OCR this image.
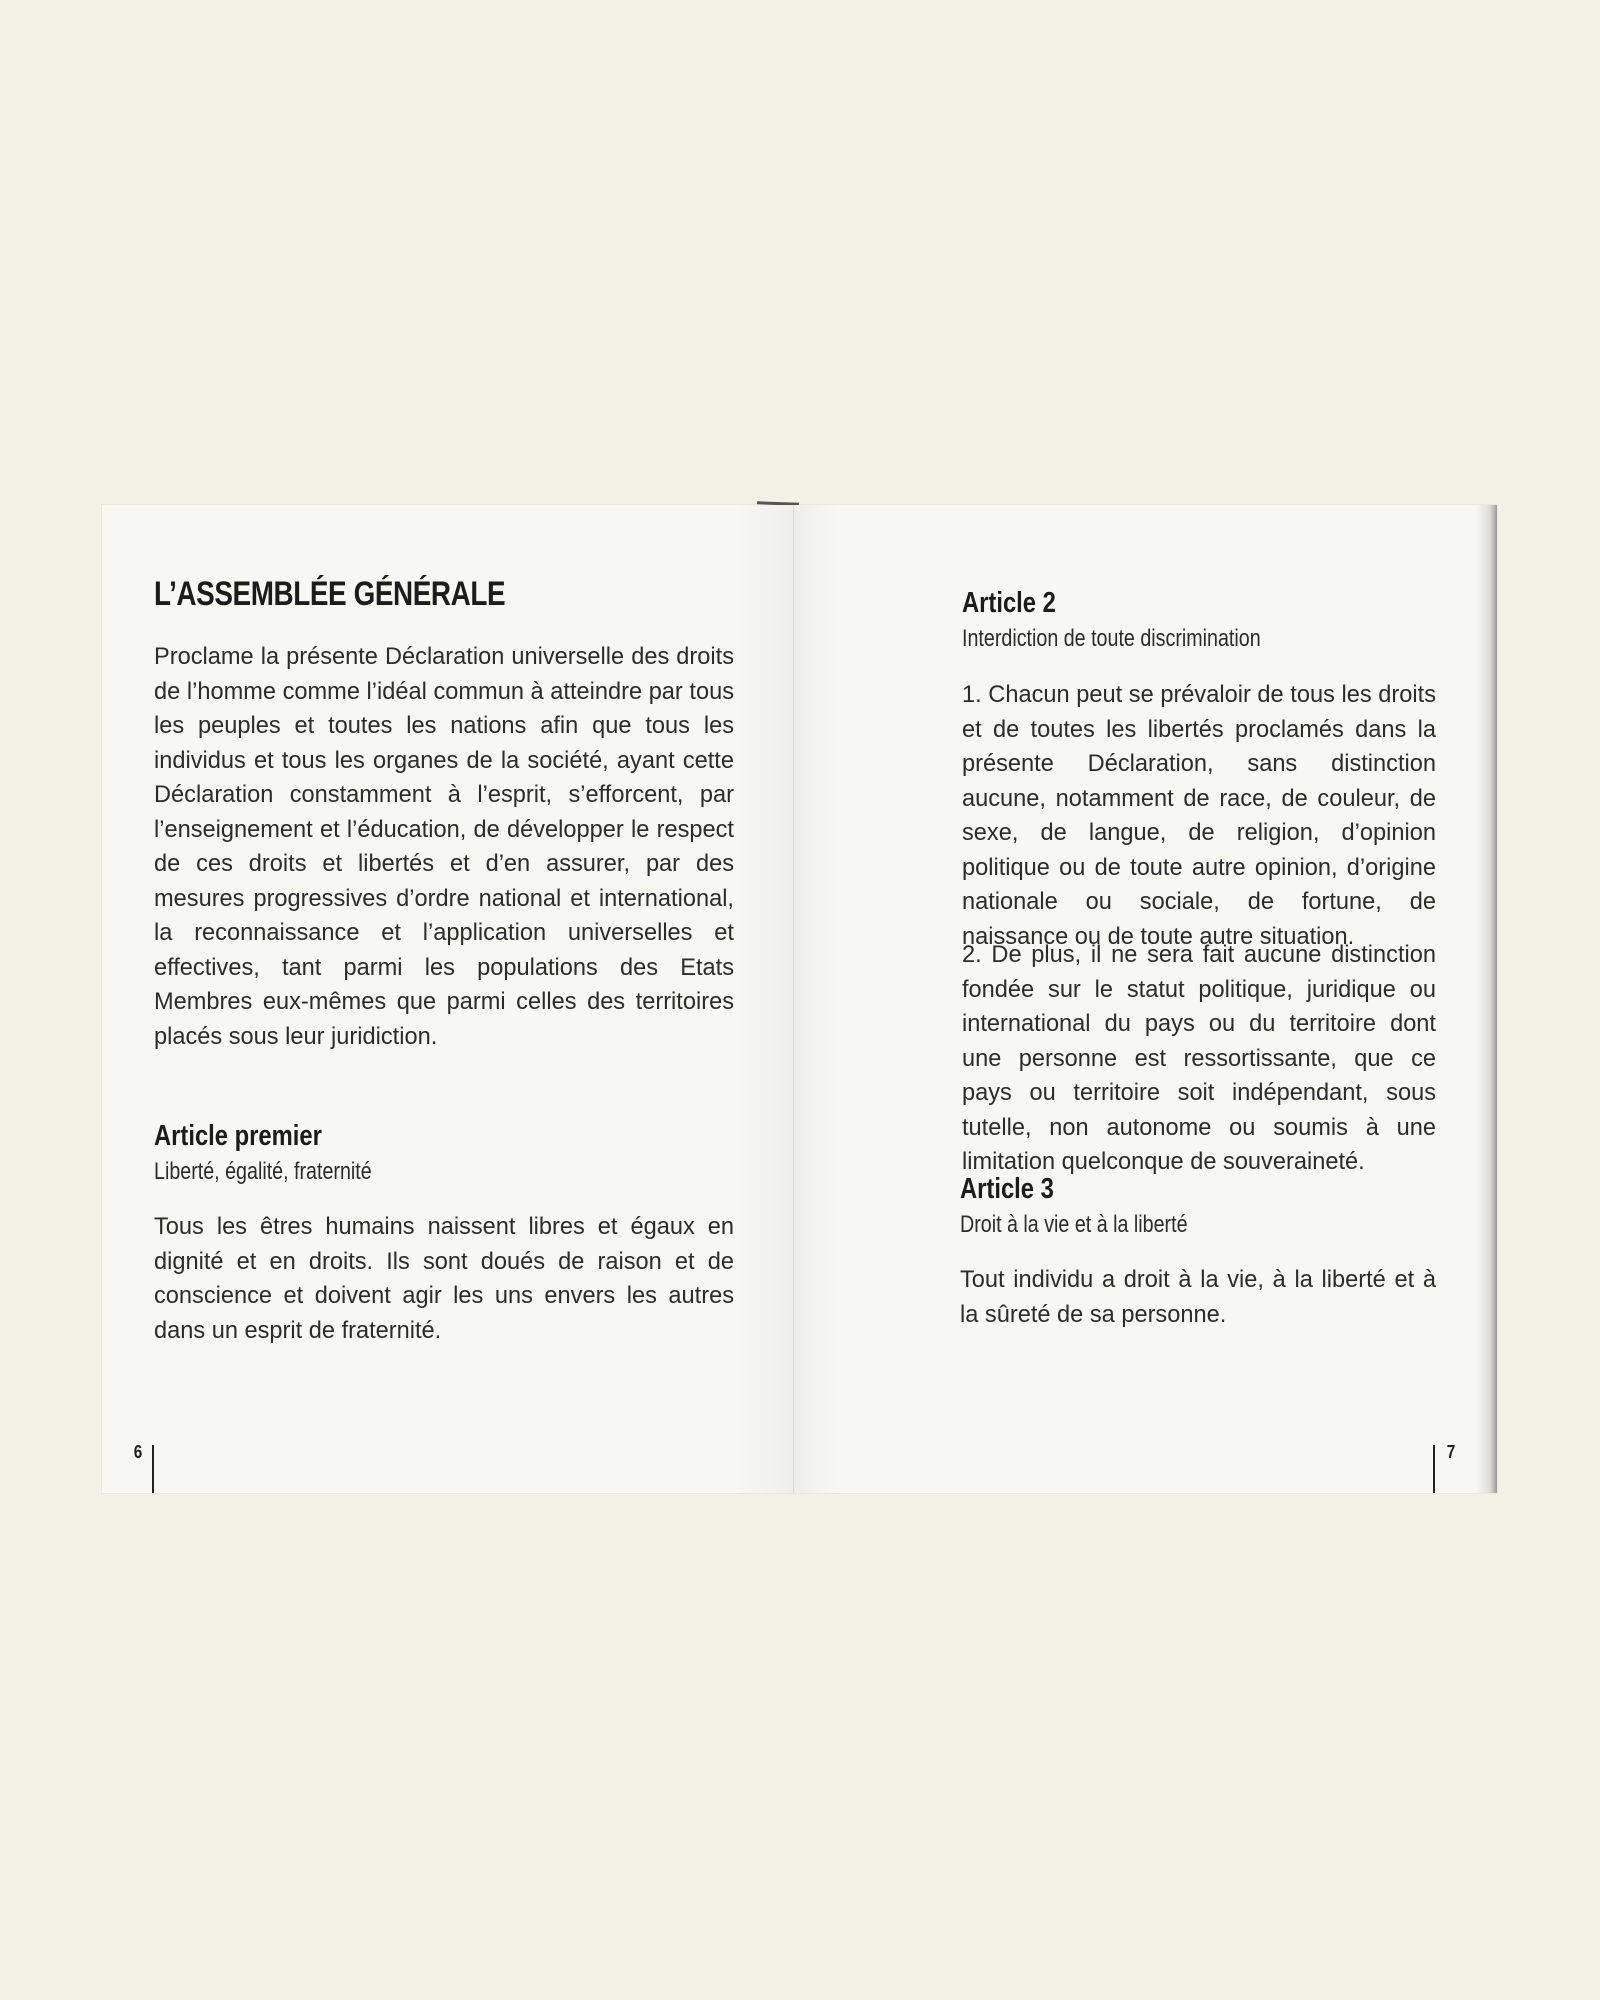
L’ASSEMBLÉE GÉNÉRALE

Proclame la présente Déclaration universelle des droits de l’homme comme l’idéal commun à atteindre par tous les peuples et toutes les nations afin que tous les individus et tous les organes de la société, ayant cette Déclaration constamment à l’esprit, s’efforcent, par l’enseignement et l’éducation, de développer le respect de ces droits et libertés et d’en assurer, par des mesures progressives d’ordre national et international, la reconnaissance et l’application universelles et effectives, tant parmi les populations des Etats Membres eux-mêmes que parmi celles des territoires placés sous leur juridiction.

Article premier
Liberté, égalité, fraternité

Tous les êtres humains naissent libres et égaux en dignité et en droits. Ils sont doués de raison et de conscience et doivent agir les uns envers les autres dans un esprit de fraternité.

6
Article 2
Interdiction de toute discrimination

1. Chacun peut se prévaloir de tous les droits et de toutes les libertés proclamés dans la présente Déclaration, sans distinction aucune, notamment de race, de couleur, de sexe, de langue, de religion, d’opinion politique ou de toute autre opinion, d’origine nationale ou sociale, de fortune, de naissance ou de toute autre situation.

2. De plus, il ne sera fait aucune distinction fondée sur le statut politique, juridique ou international du pays ou du territoire dont une personne est ressortissante, que ce pays ou territoire soit indépendant, sous tutelle, non autonome ou soumis à une limitation quelconque de souveraineté.

Article 3
Droit à la vie et à la liberté

Tout individu a droit à la vie, à la liberté et à la sûreté de sa personne.

7
